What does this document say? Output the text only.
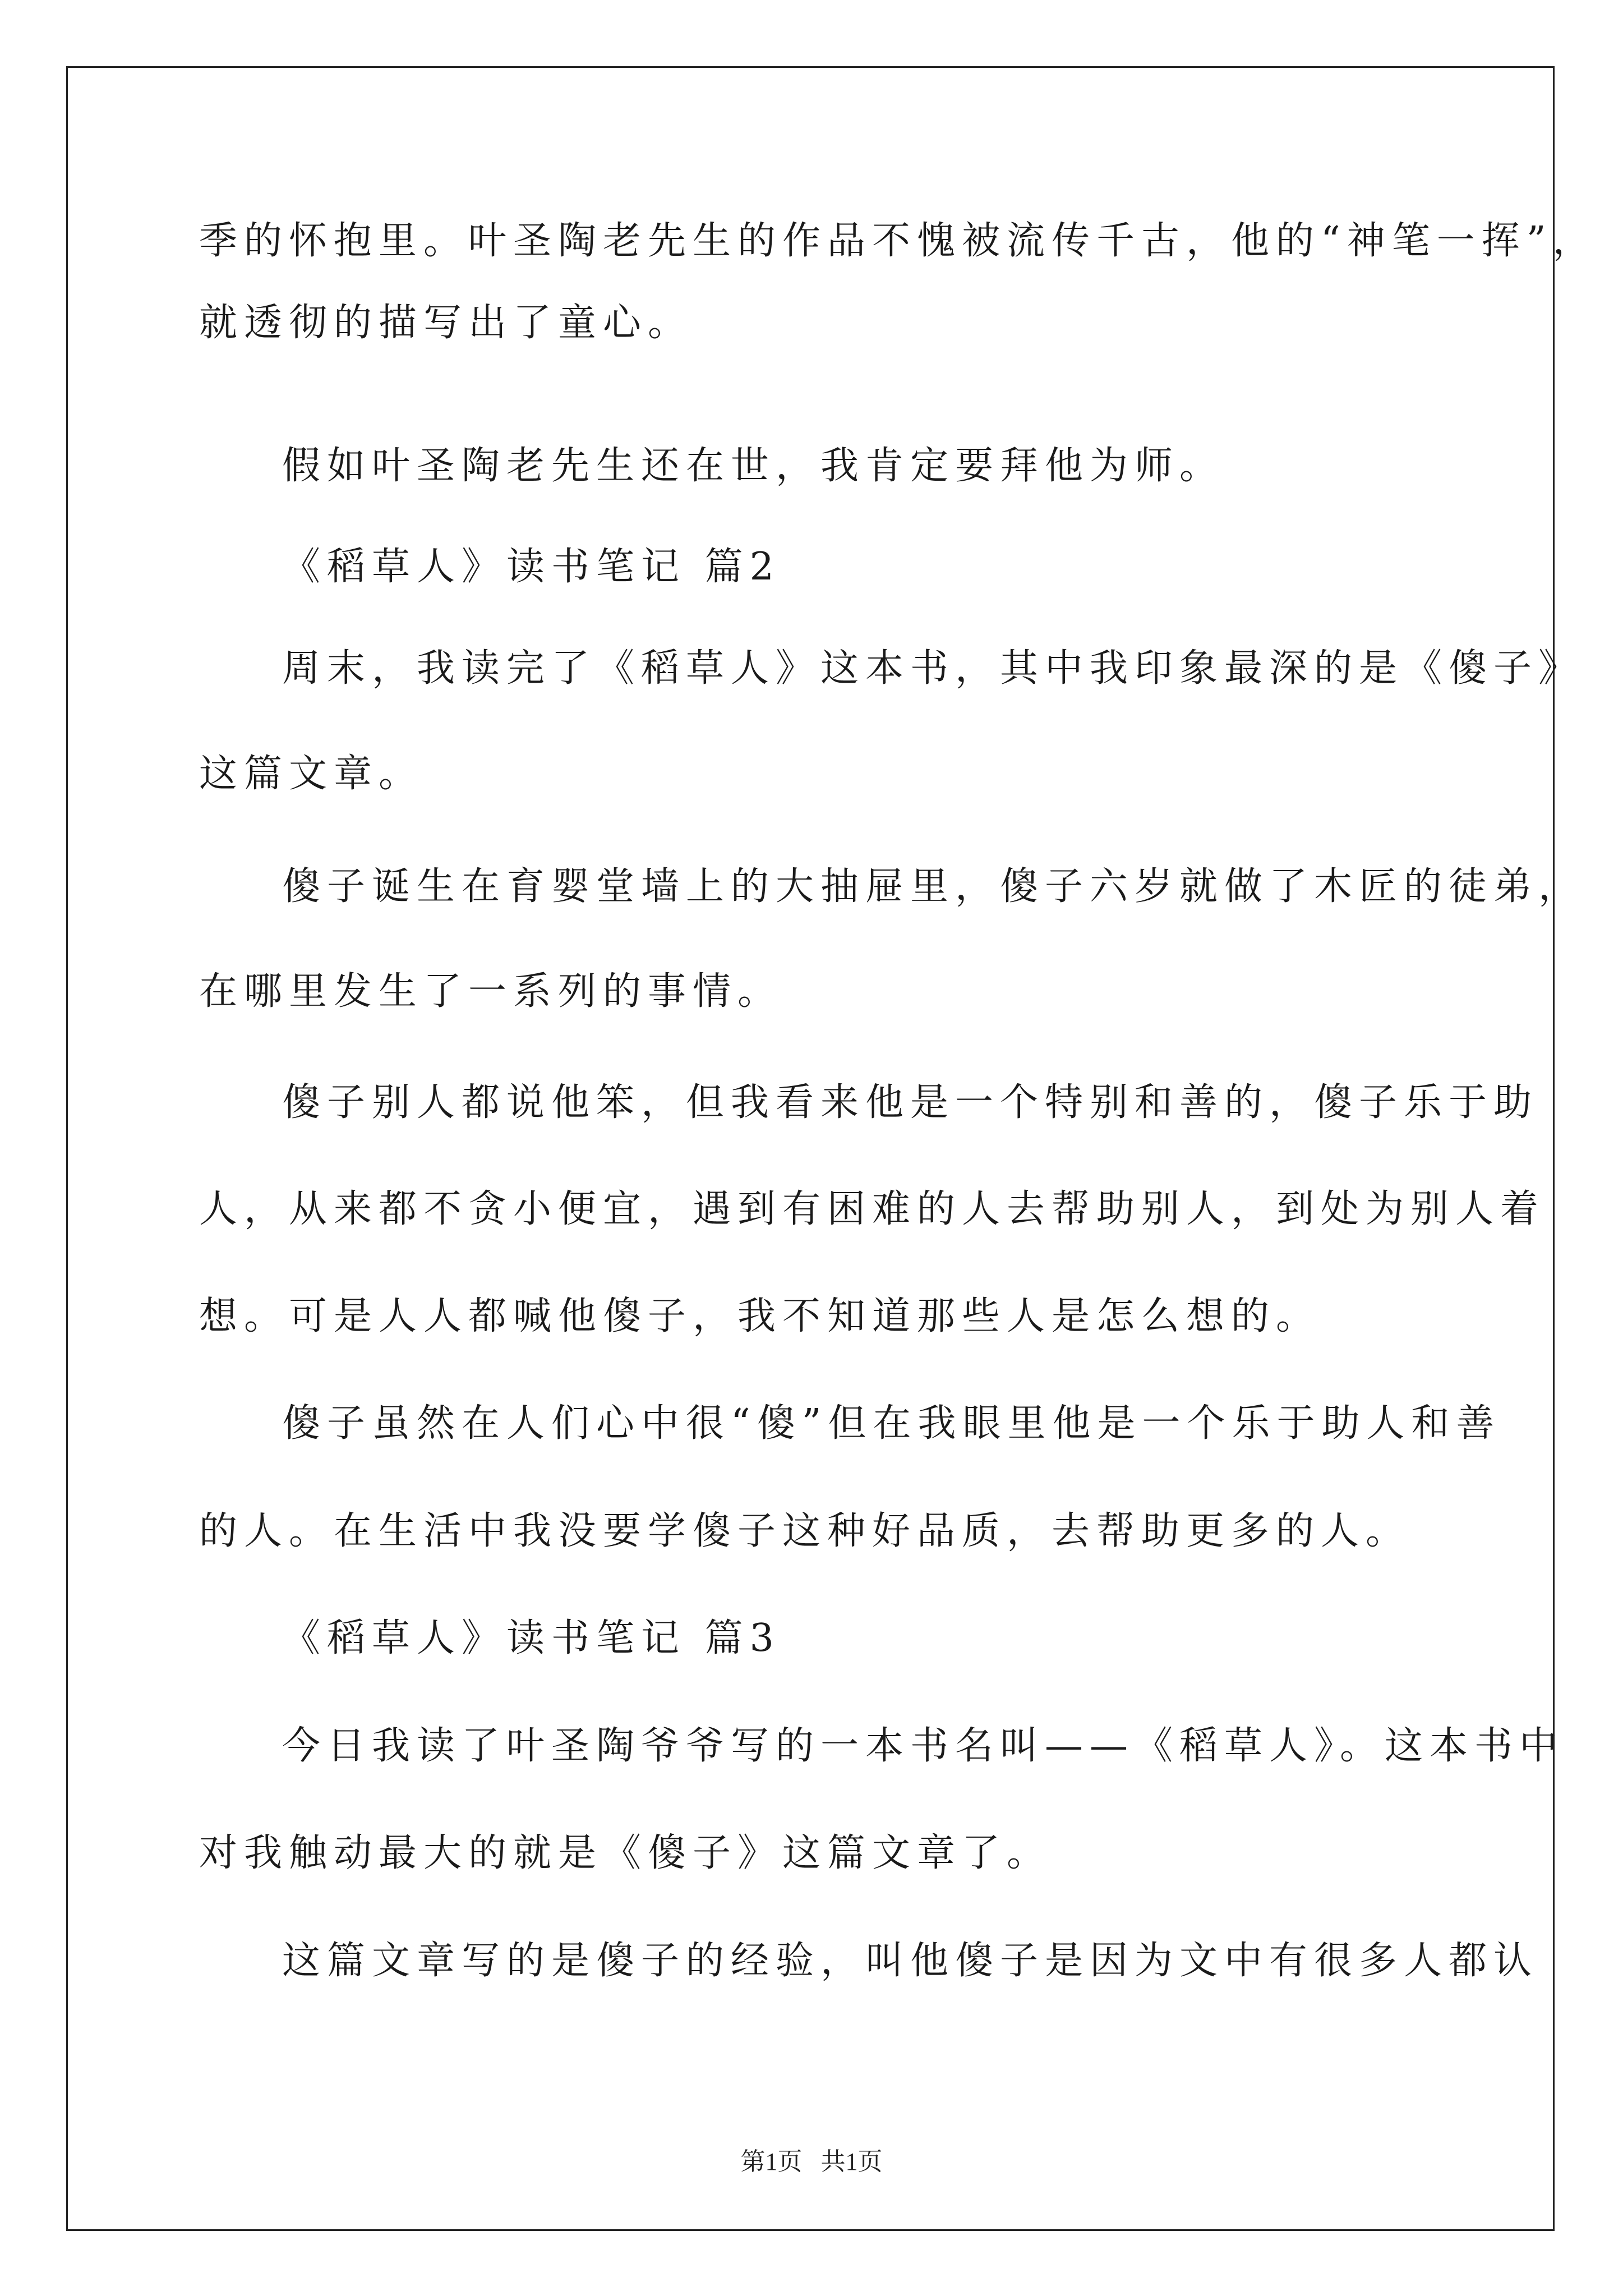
季的怀抱里。叶圣陶老先生的作品不愧被流传千古，他的“神笔一挥”，
就透彻的描写出了童心。
假如叶圣陶老先生还在世，我肯定要拜他为师。
《稻草人》读书笔记 篇2
周末，我读完了《稻草人》这本书，其中我印象最深的是《傻子》
这篇文章。
傻子诞生在育婴堂墙上的大抽屉里，傻子六岁就做了木匠的徒弟，
在哪里发生了一系列的事情。
傻子别人都说他笨，但我看来他是一个特别和善的，傻子乐于助
人，从来都不贪小便宜，遇到有困难的人去帮助别人，到处为别人着
想。可是人人都喊他傻子，我不知道那些人是怎么想的。
傻子虽然在人们心中很“傻”但在我眼里他是一个乐于助人和善
的人。在生活中我没要学傻子这种好品质，去帮助更多的人。
《稻草人》读书笔记 篇3
今日我读了叶圣陶爷爷写的一本书名叫——《稻草人》。这本书中
对我触动最大的就是《傻子》这篇文章了。
这篇文章写的是傻子的经验，叫他傻子是因为文中有很多人都认
第1页   共1页
